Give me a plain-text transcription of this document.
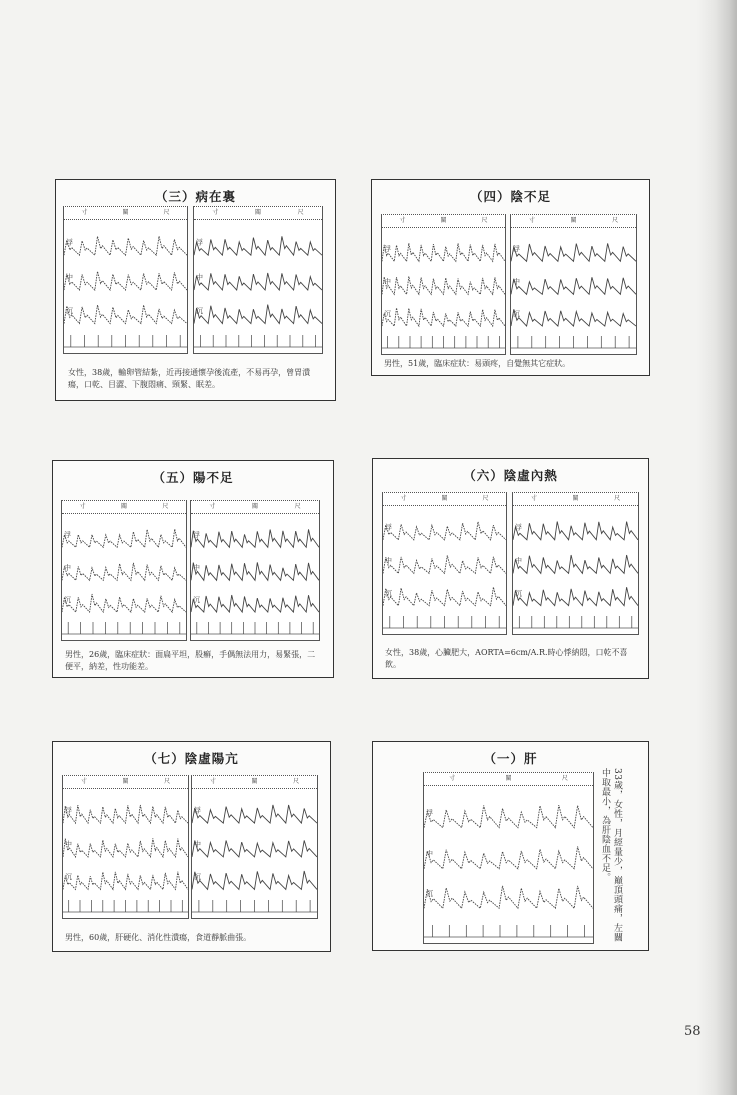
（三）病在裏
寸	關	尺
浮
中
沉
寸	關	尺
浮
中
沉
女性，38歲，輸卵管結紮，近再接通懷孕後流產，不易再孕，曾胃潰瘍，口乾、目澀、下腹悶痛、頸緊、眠差。
（四）陰不足
寸	關	尺
浮
中
沉
寸	關	尺
浮
中
沉
男性，51歲，臨床症狀：易頭疼，自覺無其它症狀。
（五）陽不足
寸	關	尺
浮
中
沉
寸	關	尺
浮
中
沉
男性，26歲，臨床症狀：面扁平坦，股癬，手偶無法用力，易緊張，二便平，納差，性功能差。
（六）陰虛內熱
寸	關	尺
浮
中
沉
寸	關	尺
浮
中
沉
女性，38歲，心臟肥大，AORTA=6cm/A.R.時心悸納悶，口乾不喜飲。
（七）陰虛陽亢
寸	關	尺
浮
中
沉
寸	關	尺
浮
中
沉
男性，60歲，肝硬化、消化性潰瘍，食道靜脈曲張。
（一）肝
寸	關	尺
浮
中
沉	33歲，女性，月經量少，巔頂頭痛，左關中取最小，為肝陰血不足。
58
